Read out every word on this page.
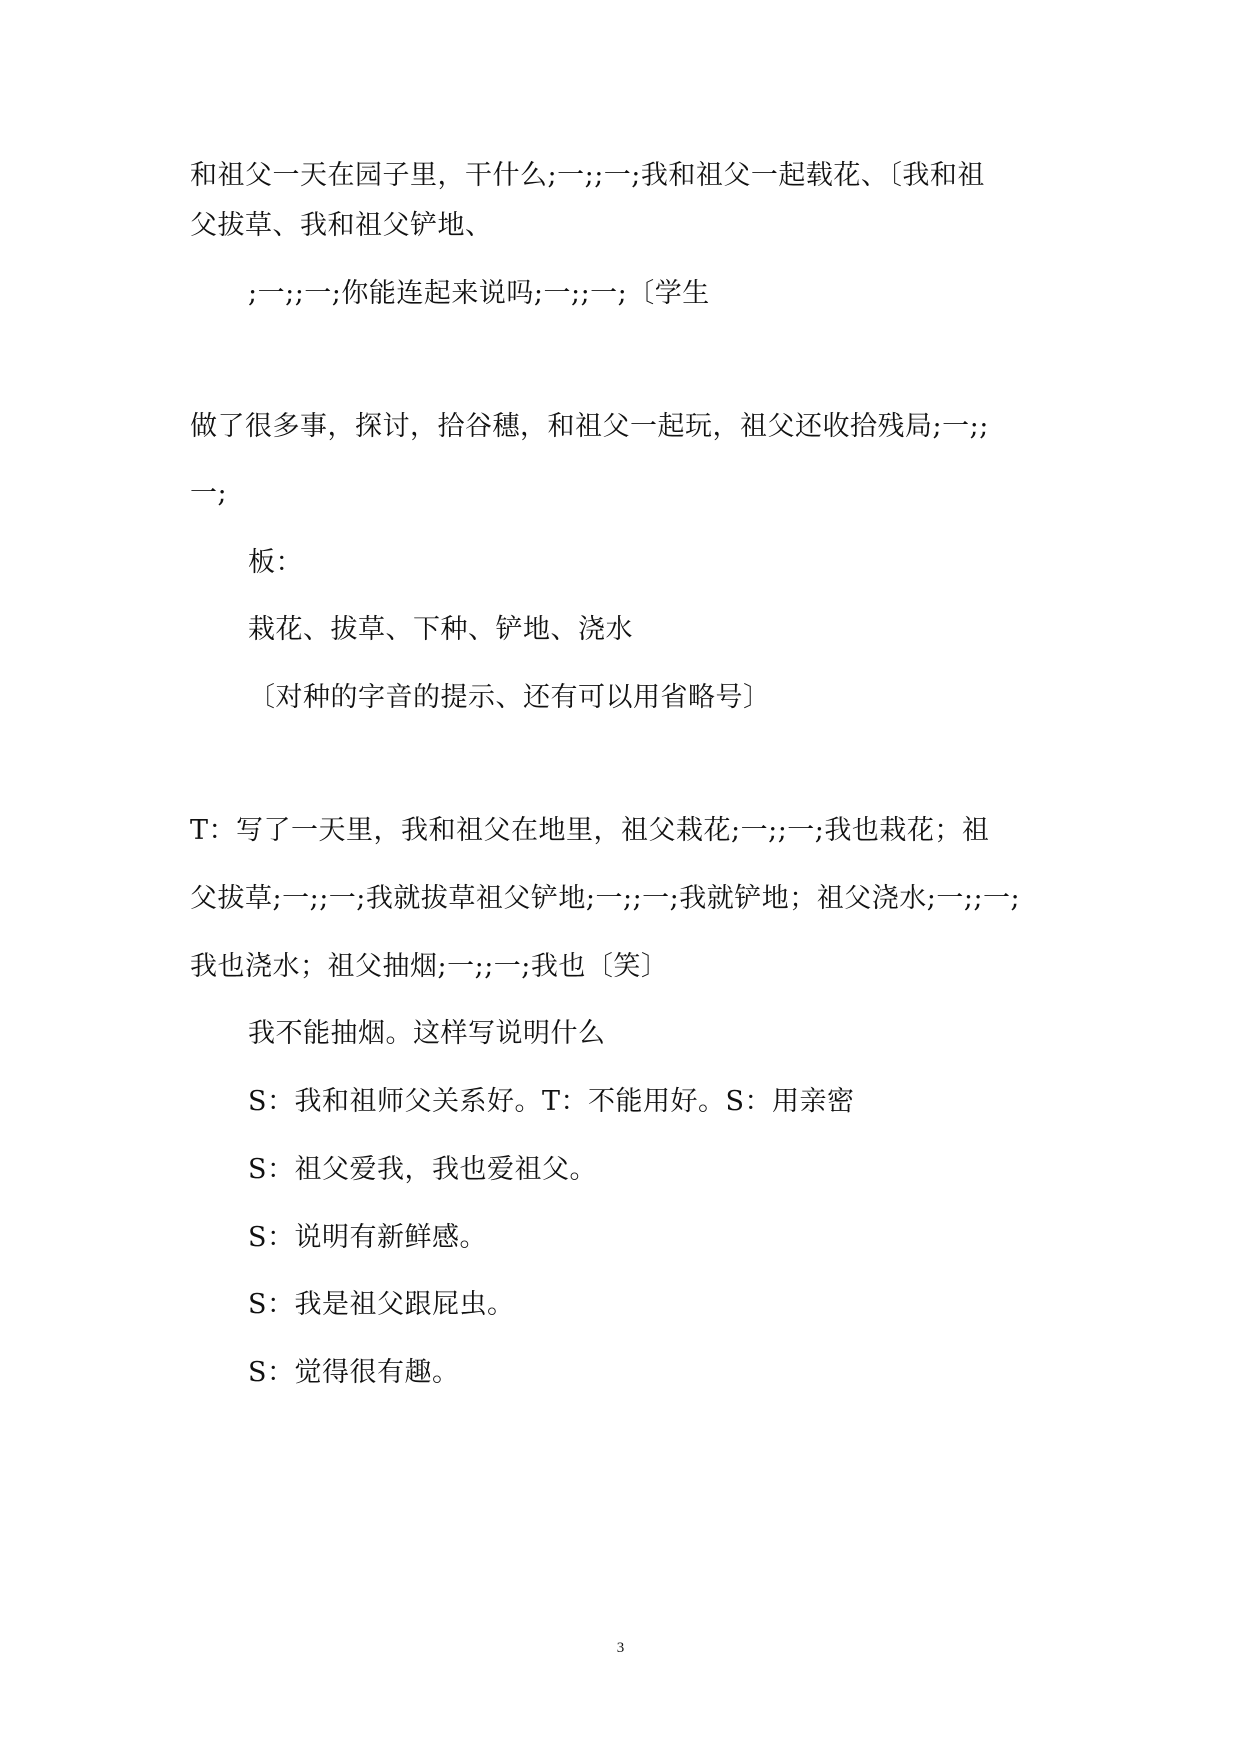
和祖父一天在园子里，干什么;一;;一;我和祖父一起载花、〔我和祖
父拔草、我和祖父铲地、
;一;;一;你能连起来说吗;一;;一;〔学生
做了很多事，探讨，拾谷穗，和祖父一起玩，祖父还收拾残局;一;;
一;
板：
栽花、拔草、下种、铲地、浇水
〔对种的字音的提示、还有可以用省略号〕
T：写了一天里，我和祖父在地里，祖父栽花;一;;一;我也栽花；祖
父拔草;一;;一;我就拔草祖父铲地;一;;一;我就铲地；祖父浇水;一;;一;
我也浇水；祖父抽烟;一;;一;我也〔笑〕
我不能抽烟。这样写说明什么
S：我和祖师父关系好。T：不能用好。S：用亲密
S：祖父爱我，我也爱祖父。
S：说明有新鲜感。
S：我是祖父跟屁虫。
S：觉得很有趣。
3
